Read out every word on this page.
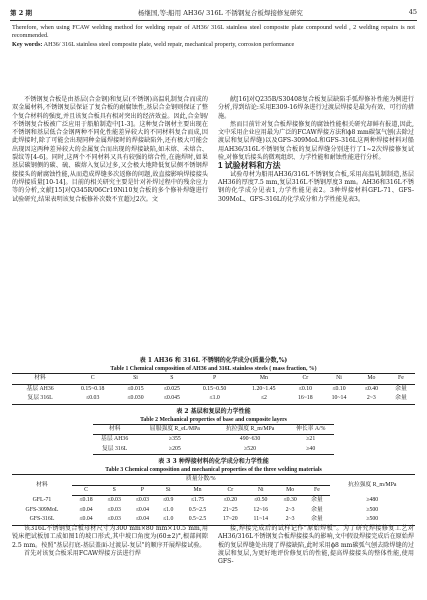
第 2 期	杨继国,等:船用 AH36/ 316L 不锈钢复合板焊接修复研究	45
Therefore, when using FCAW welding method for welding repair of AH36/ 316L stainless steel composite plate compound weld , 2 welding repairs is not recommended.
Key words: AH36/ 316L stainless steel composite plate, weld repair, mechanical property, corrosion performance

不锈钢复合板是由基层(合金钢)和复层(不锈钢)高温轧制复合而成的双金属材料,不锈钢复层保证了复合板的耐腐蚀性,基层合金钢则保证了整个复合材料的强度,并且该复合板具有相对突出的经济效益。因此,合金钢/不锈钢复合板被广泛应用于船舶制造中[1-3]。这种复合钢材主要出现在不锈钢和基层低合金钢两种不同化性能差异较大的不同材料复合而成,因此焊接时,除了可能会出现同种金属焊接时的焊接缺陷外,还有极大可能会出现因这两种差异较大的金属复合而出现的焊接缺陷,如未熔、未熔合、裂纹等[4-6]。同时,这两个不同材料又具有较强的熔合性,在施焊时,如果基层碳钢侧的碳、硫、碳熔入复层过多,又会极大地降低复层侧不锈钢焊接接头的耐腐蚀性能,从而造成焊缝多次返修的问题,故直接影响焊接接头的焊接质量[10-14]。目前的相关研究主要是针对补焊过程中的残余应力等的分析,文献[15]对Q345R/06Cr19Ni10复合板的多个修补焊缝进行试验研究,结果表明该复合板修补次数不宜超过2次。文

献[16]对Q235B/S30408复合板复层缺陷手弧焊修补性能为例进行分析,得到结论:采用E309-16焊条进行过渡层焊接是最为有效、可行的措施。

然而目前针对复合板焊接修复的腐蚀性能相关研究却鲜有报道,因此,文中采用企业应用最为广泛的FCAW焊接方法和ϕ8 mm碳氢气刨(去除过渡层和复层焊缝)以及GFS-309MoL和GFS-316L这两种焊接材料对船用AH36/316L不锈钢复合板的复层焊缝分别进行了1~2次焊接修复试验,对修复后接头的微观组织、力学性能和耐蚀性能进行分析。

1 试验材料和方法

试验母材为船用AH36/316L不锈钢复合板,采用高温轧制制造,基层AH36的厚度7.5 mm,复层316L不锈钢厚度3 mm。AH36和316L不锈钢的化学成分见表1,力学性能见表2。3种焊接材料GFL-71、GFS-309MoL、GFS-316L的化学成分和力学性能见表3。

表 1 AH36 和 316L 不锈钢的化学成分(质量分数,%)
Table 1 Chemical composition of AH36 and 316L stainless steels ( mass fraction, %)
材料	C	Si	S	P	Mn	Cr	Ni	Mo	Fe
基层 AH36	0.15~0.18	≤0.015	≤0.025	0.15~0.50	1.20~1.45	≤0.10	≤0.10	≤0.40	余量
复层 316L	≤0.03	≤0.030	≤0.045	≤1.0	≤2	16~18	10~14	2~3	余量
表 2 基层和复层的力学性能
Table 2 Mechanical properties of base and composite layers
材料	屈服强度 R_eL/MPa	抗拉强度 R_m/MPa	伸长率 A/%
基层 AH36	≥355	490~630	≥21
复层 316L	≥205	≥520	≥40
表 3 3 种焊接材料的化学成分和力学性能
Table 3 Chemical composition and mechanical properties of the three welding materials
材料	质量分数/%									抗拉强度 R_m/MPa
	C	S	P	Si	Mn	Cr	Ni	Mo	Fe	
GFL-71	≤0.18	≤0.03	≤0.03	≤0.9	≤1.75	≤0.20	≤0.50	≤0.30	余量	≥480
GFS-309MoL	≤0.04	≤0.03	≤0.04	≤1.0	0.5~2.5	21~25	12~16	2~3	余量	≥500
GFS-316L	≤0.04	≤0.03	≤0.04	≤1.0	0.5~2.5	17~20	11~14	2~3	余量	≥500

该316L不锈钢复合板母材尺寸为300 mm×80 mm×10.5 mm,用锐床把试板加工成如图1的坡口形式,其中坡口角度为(60±2)°,根部间隙2.5 mm。按照"基层打底-基层盖面-过渡层-复层"的顺序开展焊接试验。

首先对该复合板采用FCAW焊接方法进行焊

接,焊接完成后的试样记作"原始焊板"。为了研究焊接修复工艺对AH36/316L不锈钢复合板焊接接头的影响,文中假设焊接完成后在原始焊板的复层焊缝处出现了焊接缺陷,此时采用ϕ8 mm碳弧气刨去除焊缝的过渡层和复层,为更好地评价修复后的性能,提高焊接接头的整体性能,使用GFS-
